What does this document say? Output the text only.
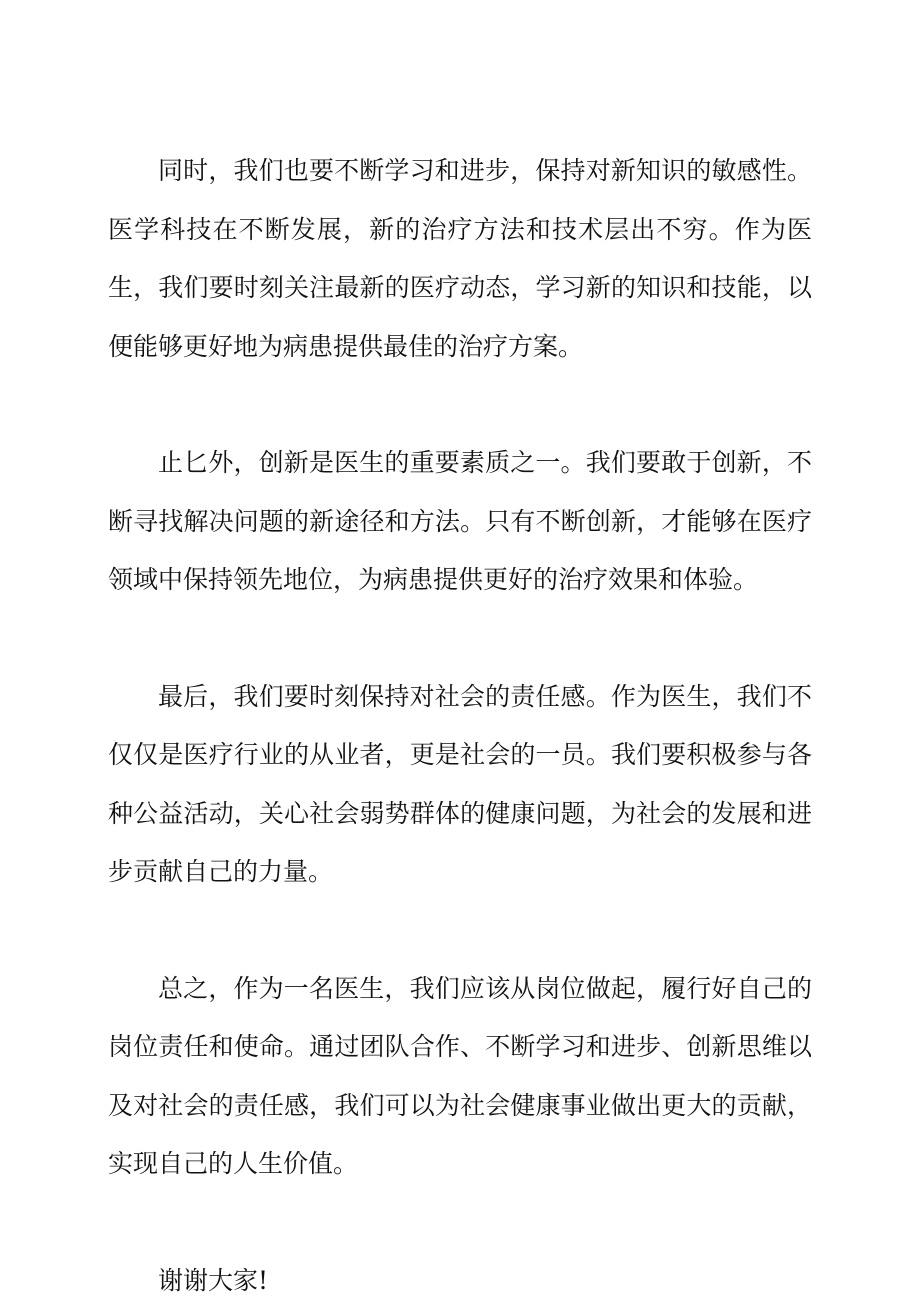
同时，我们也要不断学习和进步，保持对新知识的敏感性。医学科技在不断发展，新的治疗方法和技术层出不穷。作为医生，我们要时刻关注最新的医疗动态，学习新的知识和技能，以便能够更好地为病患提供最佳的治疗方案。

止匕外，创新是医生的重要素质之一。我们要敢于创新，不断寻找解决问题的新途径和方法。只有不断创新，才能够在医疗领域中保持领先地位，为病患提供更好的治疗效果和体验。

最后，我们要时刻保持对社会的责任感。作为医生，我们不仅仅是医疗行业的从业者，更是社会的一员。我们要积极参与各种公益活动，关心社会弱势群体的健康问题，为社会的发展和进步贡献自己的力量。

总之，作为一名医生，我们应该从岗位做起，履行好自己的岗位责任和使命。通过团队合作、不断学习和进步、创新思维以及对社会的责任感，我们可以为社会健康事业做出更大的贡献，实现自己的人生价值。

谢谢大家!
